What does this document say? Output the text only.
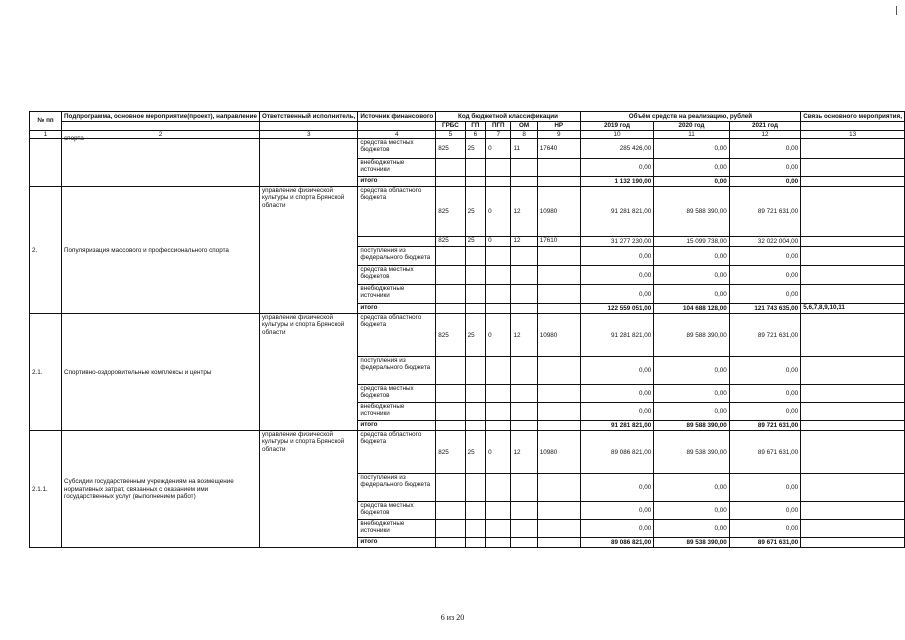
№ пп	Подпрограмма, основное мероприятие(проект), направление	Ответственный исполнитель,	Источник финансового	Код бюджетной классификации					Объём средств на реализацию, рублей			Связь основного мероприятия,
				ГРБС	ГП	ПГП	ОМ	НР	2019 год	2020 год	2021 год	
1	2	3	4	5	6	7	8	9	10	11	12	13

	спорта		средства местных бюджетов	825	25	0	11	17640	285 426,00	0,00	0,00	
			внебюджетные источники						0,00	0,00	0,00	
			итого						1 132 190,00	0,00	0,00	
2.	Популяризация массового и профессионального спорта	управление физической культуры и спорта Брянской области	средства областного бюджета	825	25	0	12	10980	91 281 821,00	89 588 390,00	89 721 631,00	
				825	25	0	12	17610	31 277 230,00	15 099 738,00	32 022 004,00	
			поступления из федерального бюджета						0,00	0,00	0,00	
			средства местных бюджетов						0,00	0,00	0,00	
			внебюджетные источники						0,00	0,00	0,00	
			итого						122 559 051,00	104 688 128,00	121 743 635,00	5,6,7,8,9,10,11
2.1.	Спортивно-оздоровительные комплексы и центры	управление физической культуры и спорта Брянской области	средства областного бюджета	825	25	0	12	10980	91 281 821,00	89 588 390,00	89 721 631,00	
			поступления из федерального бюджета						0,00	0,00	0,00	
			средства местных бюджетов						0,00	0,00	0,00	
			внебюджетные источники						0,00	0,00	0,00	
			итого						91 281 821,00	89 588 390,00	89 721 631,00	
2.1.1.	Субсидии государственным учреждениям на возмещение нормативных затрат, связанных с оказанием ими государственных услуг (выполнением работ)	управление физической культуры и спорта Брянской области	средства областного бюджета	825	25	0	12	10980	89 086 821,00	89 538 390,00	89 671 631,00	
			поступления из федерального бюджета						0,00	0,00	0,00	
			средства местных бюджетов						0,00	0,00	0,00	
			внебюджетные источники						0,00	0,00	0,00	
			итого						89 086 821,00	89 538 390,00	89 671 631,00	
6 из 20
